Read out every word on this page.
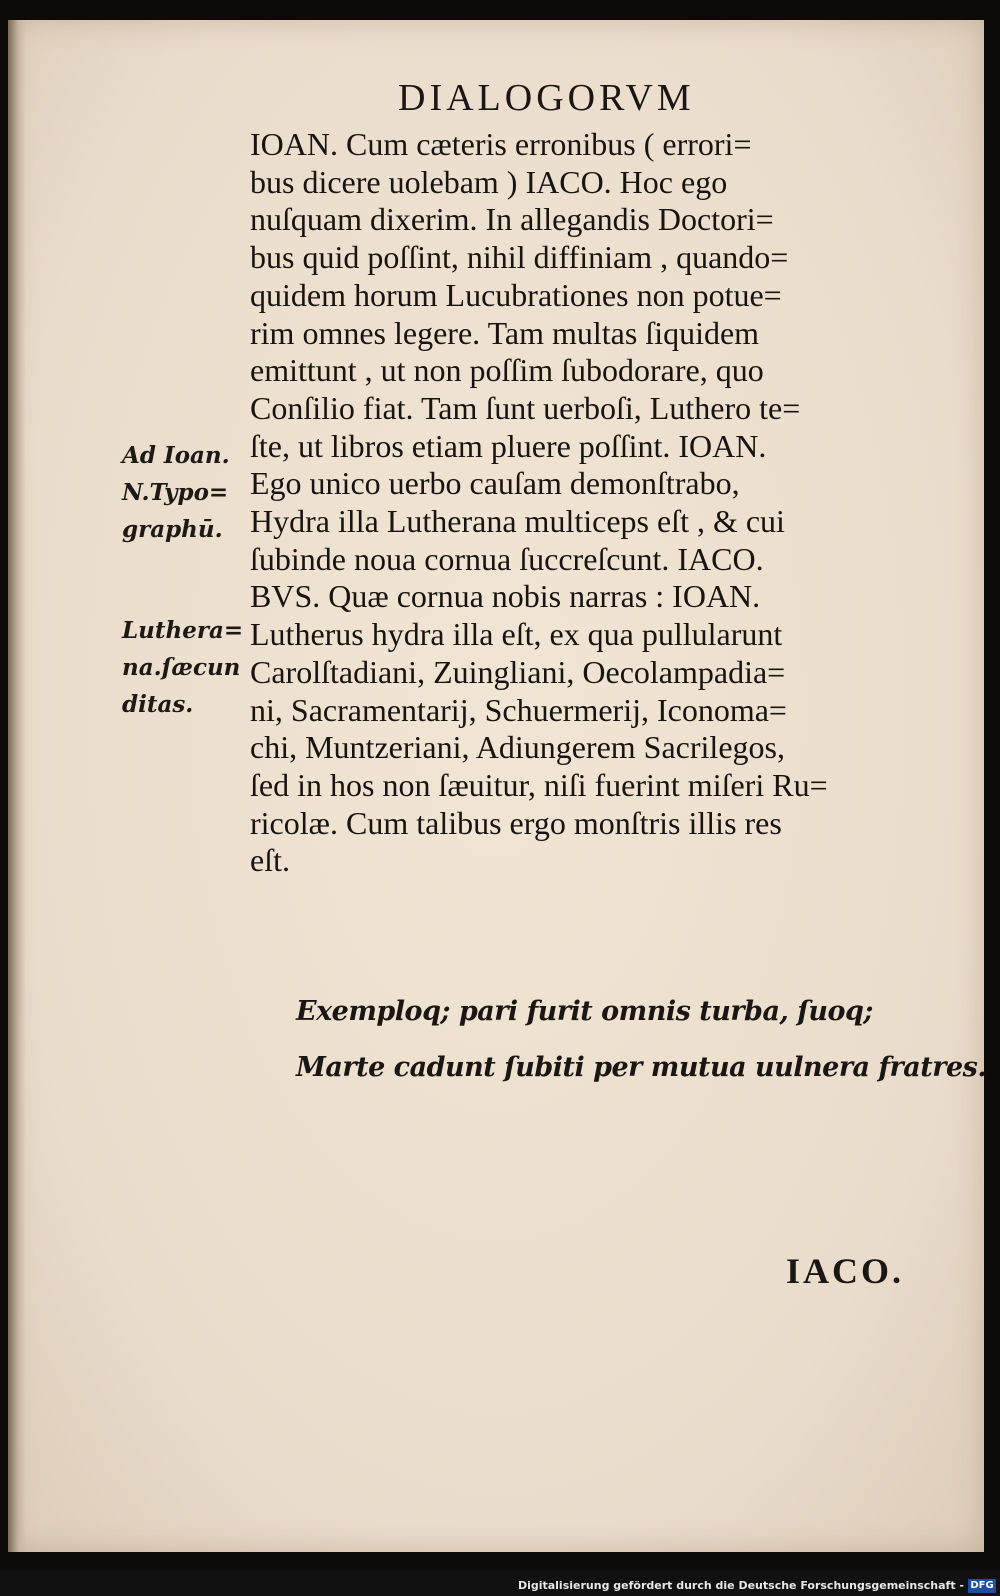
DIALOGORVM
IOAN. Cum cæteris erronibus ( errori=
bus dicere uolebam ) IACO. Hoc ego
nuſquam dixerim. In allegandis Doctori=
bus quid poſſint, nihil diffiniam , quando=
quidem horum Lucubrationes non potue=
rim omnes legere. Tam multas ſiquidem
emittunt , ut non poſſim ſubodorare, quo
Conſilio fiat. Tam ſunt uerboſi, Luthero te=
ſte, ut libros etiam pluere poſſint. IOAN.
Ego unico uerbo cauſam demonſtrabo,
Hydra illa Lutherana multiceps eſt , & cui
ſubinde noua cornua ſuccreſcunt. IACO.
BVS. Quæ cornua nobis narras : IOAN.
Lutherus hydra illa eſt, ex qua pullularunt
Carolſtadiani, Zuingliani, Oecolampadia=
ni, Sacramentarij, Schuermerij, Iconoma=
chi, Muntzeriani, Adiungerem Sacrilegos,
ſed in hos non ſæuitur, niſi fuerint miſeri Ru=
ricolæ. Cum talibus ergo monſtris illis res
eſt.
Ad Ioan.
N.Typo=
graphū.
Luthera=
na.ſæcun
ditas.
Exemploq; pari furit omnis turba, ſuoq;
Marte cadunt ſubiti per mutua uulnera fratres.
IACO.
Digitalisierung gefördert durch die Deutsche Forschungsgemeinschaft - DFG
